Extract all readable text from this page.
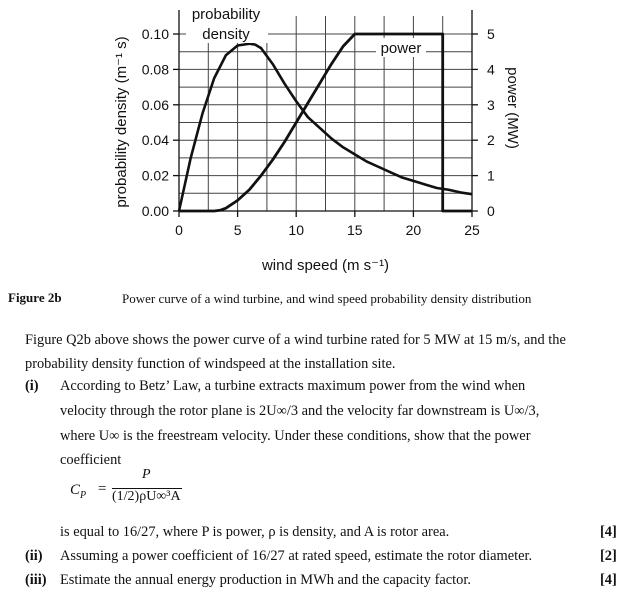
0	5	10	15	20	25
0.00
0.02
0.04
0.06
0.08
0.10
0
1
2
3
4
5
probability
density
power
wind speed (m s⁻¹)
probability density (m⁻¹ s)	power (MW)
Figure 2b	Power curve of a wind turbine, and wind speed probability density distribution
Figure Q2b above shows the power curve of a wind turbine rated for 5 MW at 15 m/s, and the probability density function of windspeed at the installation site.
(i) According to Betz’ Law, a turbine extracts maximum power from the wind when
velocity through the rotor plane is 2U∞/3 and the velocity far downstream is U∞/3,
where U∞ is the freestream velocity. Under these conditions, show that the power
coefficient
$C_P$ =
P
(1/2)ρU∞³A
is equal to 16/27, where P is power, ρ is density, and A is rotor area.	[4]
(ii) Assuming a power coefficient of 16/27 at rated speed, estimate the rotor diameter.	[2]
(iii) Estimate the annual energy production in MWh and the capacity factor.	[4]
